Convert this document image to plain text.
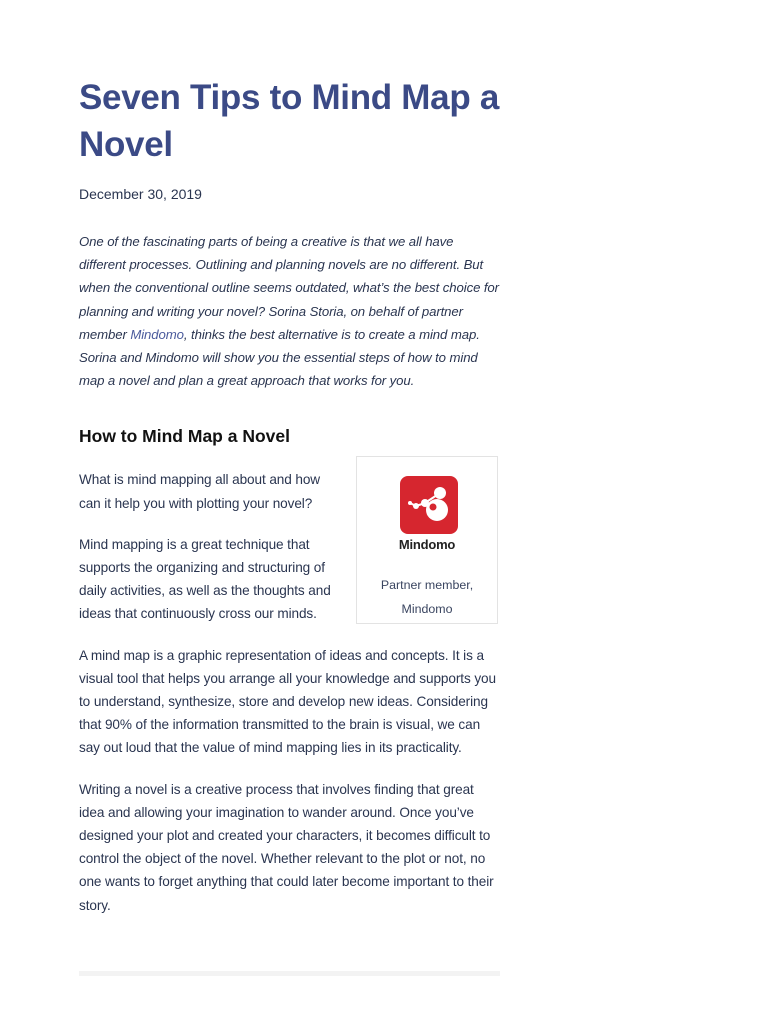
Seven Tips to Mind Map a Novel
December 30, 2019

One of the fascinating parts of being a creative is that we all have different processes. Outlining and planning novels are no different. But when the conventional outline seems outdated, what’s the best choice for planning and writing your novel? Sorina Storia, on behalf of partner member Mindomo, thinks the best alternative is to create a mind map. Sorina and Mindomo will show you the essential steps of how to mind map a novel and plan a great approach that works for you.

How to Mind Map a Novel

What is mind mapping all about and how can it help you with plotting your novel?

Mind mapping is a great technique that supports the organizing and structuring of daily activities, as well as the thoughts and ideas that continuously cross our minds.

Mindomo
Partner member, Mindomo

A mind map is a graphic representation of ideas and concepts. It is a visual tool that helps you arrange all your knowledge and supports you to understand, synthesize, store and develop new ideas. Considering that 90% of the information transmitted to the brain is visual, we can say out loud that the value of mind mapping lies in its practicality.

Writing a novel is a creative process that involves finding that great idea and allowing your imagination to wander around. Once you’ve designed your plot and created your characters, it becomes difficult to control the object of the novel. Whether relevant to the plot or not, no one wants to forget anything that could later become important to their story.
